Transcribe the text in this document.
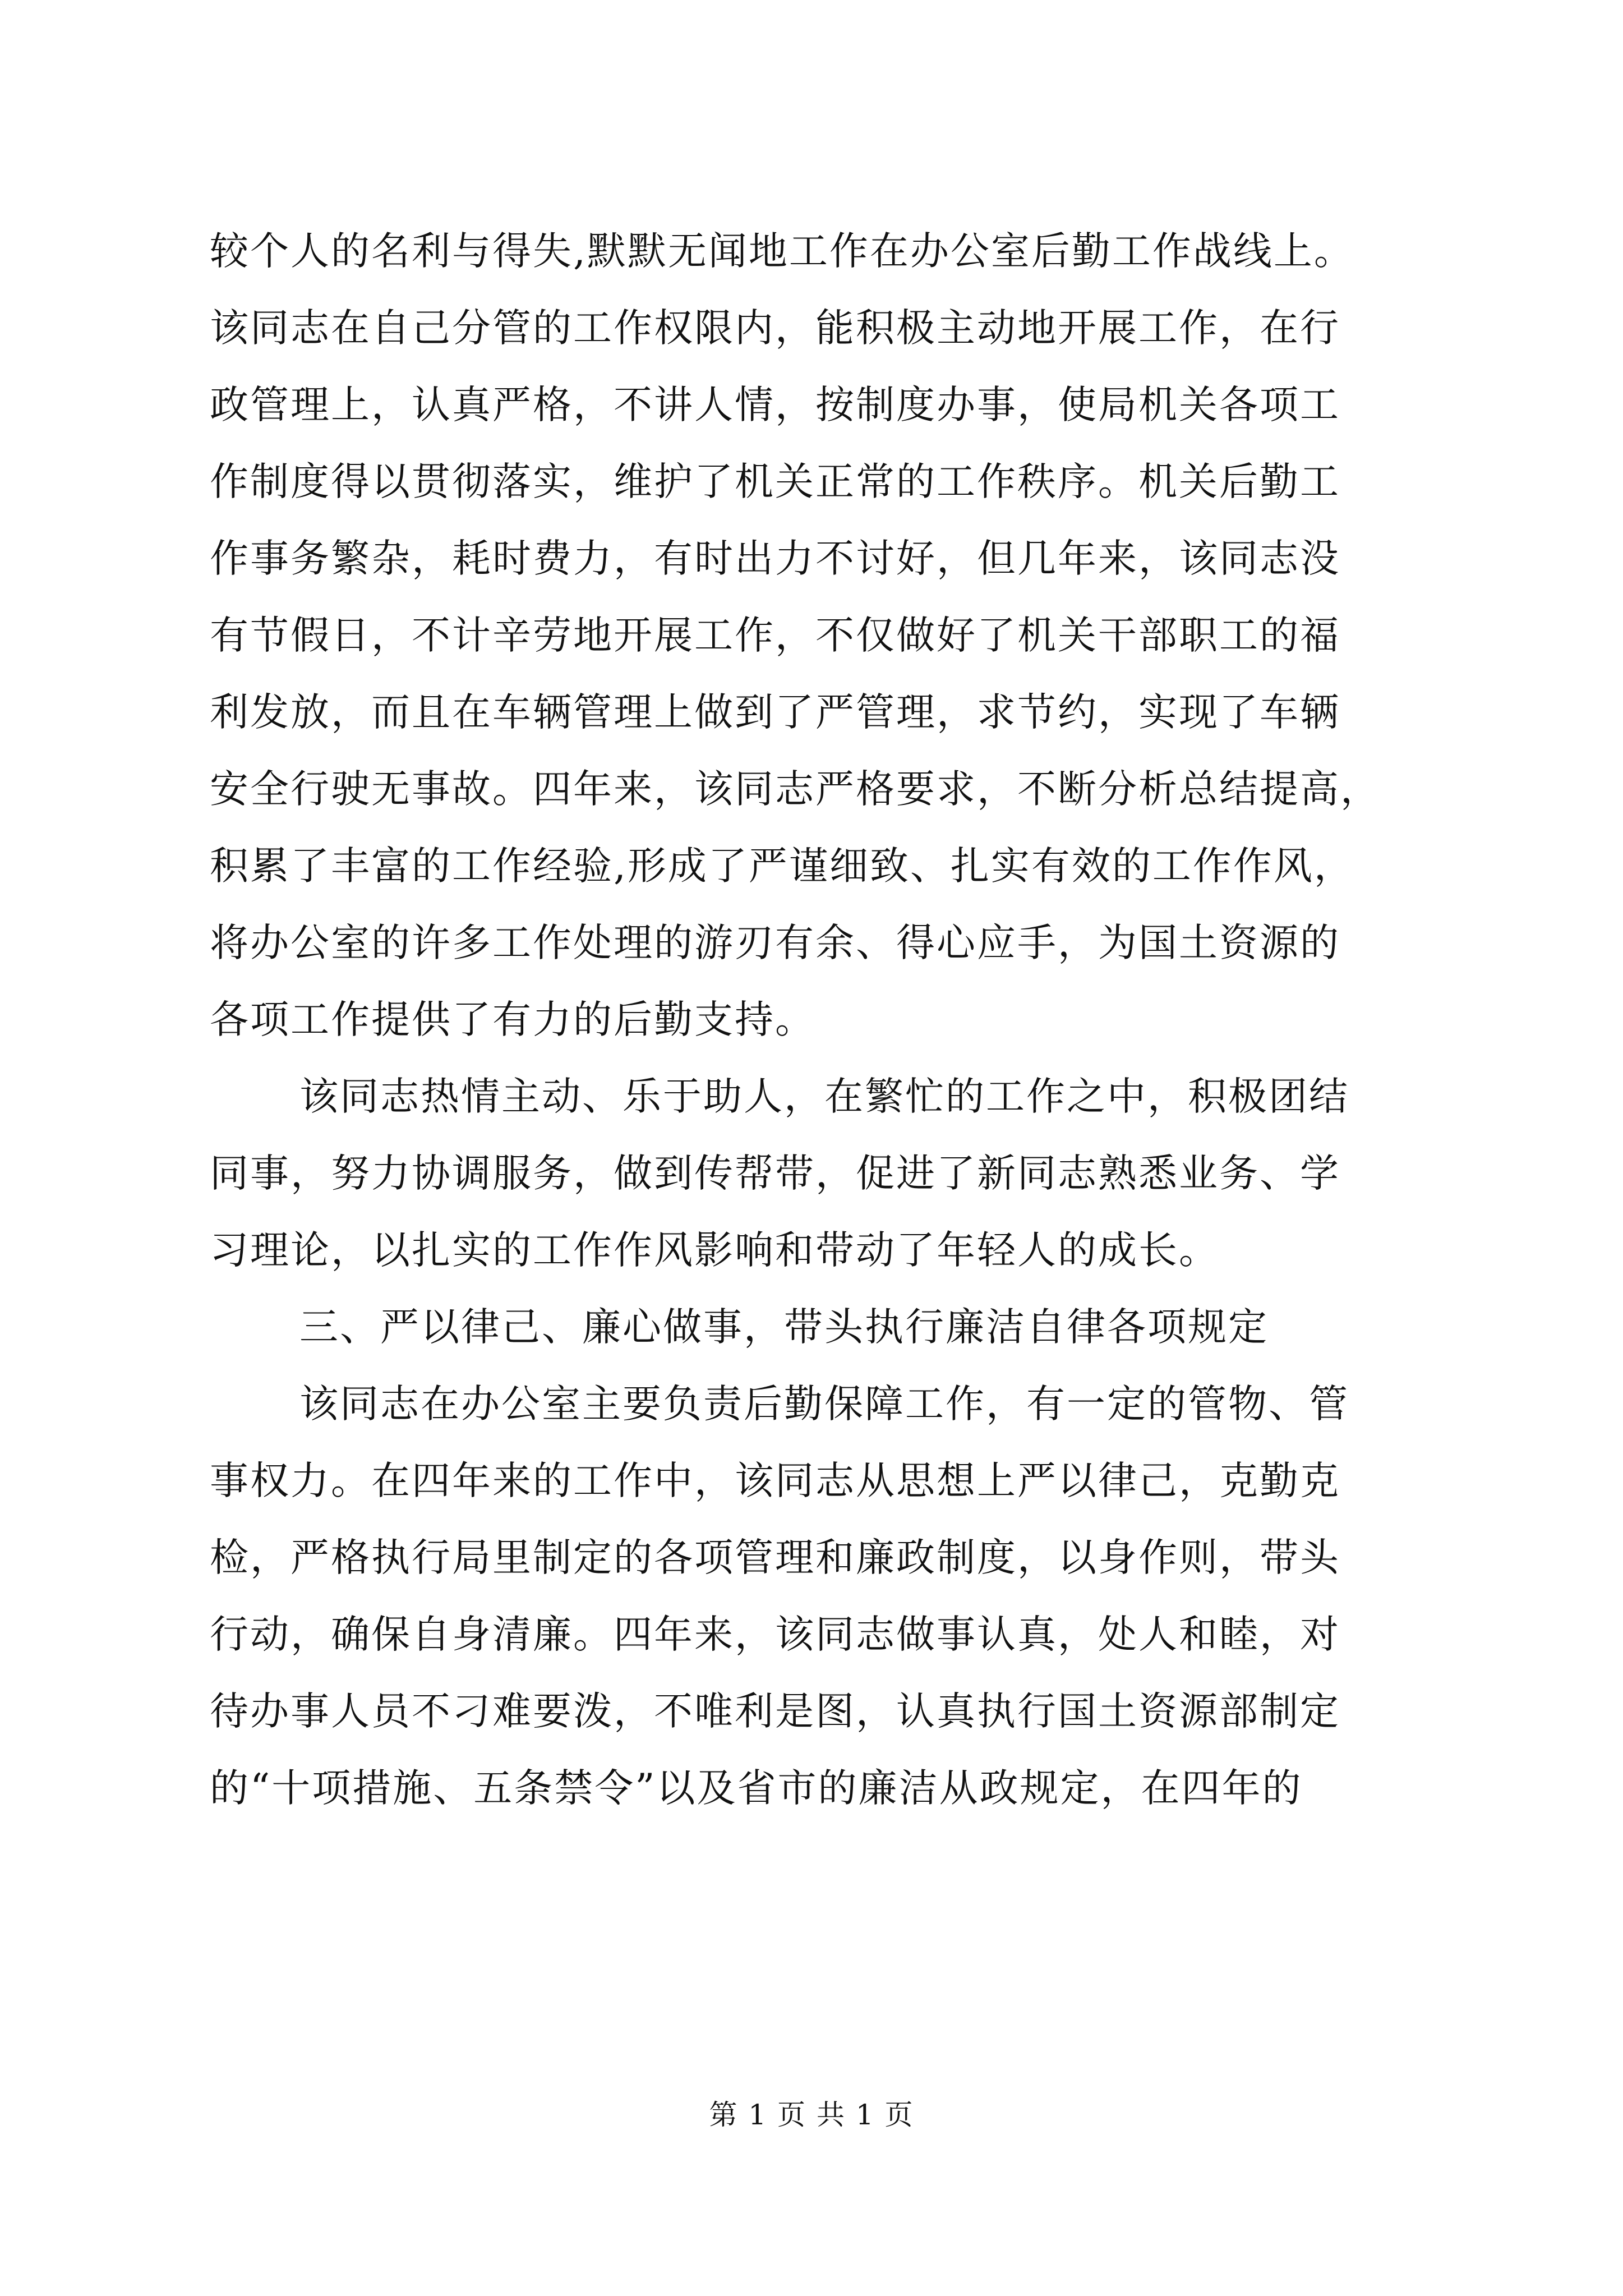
较个人的名利与得失,默默无闻地工作在办公室后勤工作战线上。
该同志在自己分管的工作权限内，能积极主动地开展工作，在行
政管理上，认真严格，不讲人情，按制度办事，使局机关各项工
作制度得以贯彻落实，维护了机关正常的工作秩序。机关后勤工
作事务繁杂，耗时费力，有时出力不讨好，但几年来，该同志没
有节假日，不计辛劳地开展工作，不仅做好了机关干部职工的福
利发放，而且在车辆管理上做到了严管理，求节约，实现了车辆
安全行驶无事故。四年来，该同志严格要求，不断分析总结提高，
积累了丰富的工作经验,形成了严谨细致、扎实有效的工作作风，
将办公室的许多工作处理的游刃有余、得心应手，为国土资源的
各项工作提供了有力的后勤支持。
该同志热情主动、乐于助人，在繁忙的工作之中，积极团结
同事，努力协调服务，做到传帮带，促进了新同志熟悉业务、学
习理论，以扎实的工作作风影响和带动了年轻人的成长。
三、严以律己、廉心做事，带头执行廉洁自律各项规定
该同志在办公室主要负责后勤保障工作，有一定的管物、管
事权力。在四年来的工作中，该同志从思想上严以律己，克勤克
检，严格执行局里制定的各项管理和廉政制度，以身作则，带头
行动，确保自身清廉。四年来，该同志做事认真，处人和睦，对
待办事人员不刁难要泼，不唯利是图，认真执行国土资源部制定
的“十项措施、五条禁令”以及省市的廉洁从政规定，在四年的
第 1 页 共 1 页
